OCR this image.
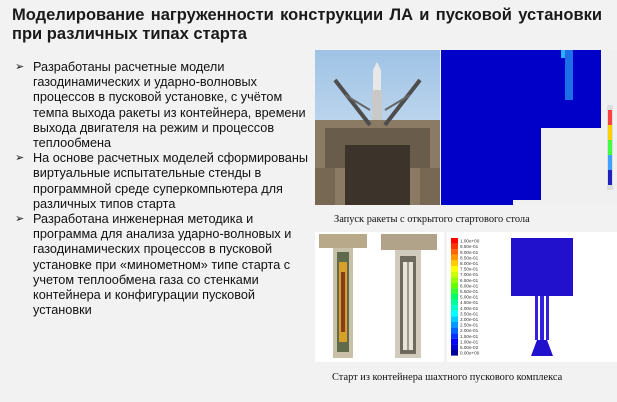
Моделирование нагруженности конструкции ЛА и пусковой установки при различных типах старта
➢ Разработаны расчетные модели газодинамических и ударно-волновых процессов в пусковой установке, с учётом темпа выхода ракеты из контейнера, времени выхода двигателя на режим и процессов теплообмена
➢ На основе расчетных моделей сформированы виртуальные испытательные стенды в программной среде суперкомпьютера для различных типов старта
➢ Разработана инженерная методика и программа для анализа ударно-волновых и газодинамических процессов в пусковой установке при «минометном» типе старта с учетом теплообмена газа со стенками контейнера и конфигурации пусковой установки
Запуск ракеты с открытого стартового стола
1.00e+00
9.50e-01
9.00e-01
8.50e-01
8.00e-01
7.50e-01
7.00e-01
6.50e-01
6.00e-01
5.50e-01
5.00e-01
4.50e-01
4.00e-01
3.50e-01
3.00e-01
2.50e-01
2.00e-01
1.50e-01
1.00e-01
5.00e-02
0.00e+00
Старт из контейнера шахтного пускового комплекса
